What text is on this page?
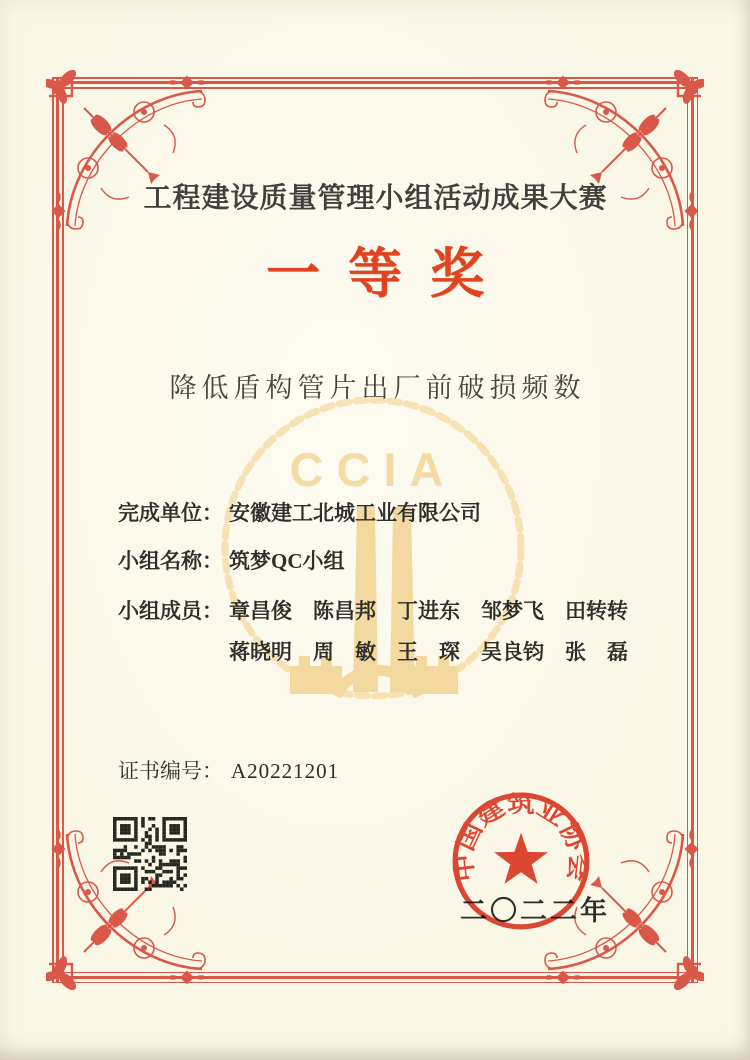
CCIA
工程建设质量管理小组活动成果大赛
一等奖
降低盾构管片出厂前破损频数
完成单位： 安徽建工北城工业有限公司
小组名称： 筑梦QC小组
小组成员： 章昌俊　陈昌邦　丁进东　邹梦飞　田转转
蒋晓明　周　敏　王　琛　吴良钧　张　磊
证书编号： A20221201
二〇二二年
中国建筑业协会
